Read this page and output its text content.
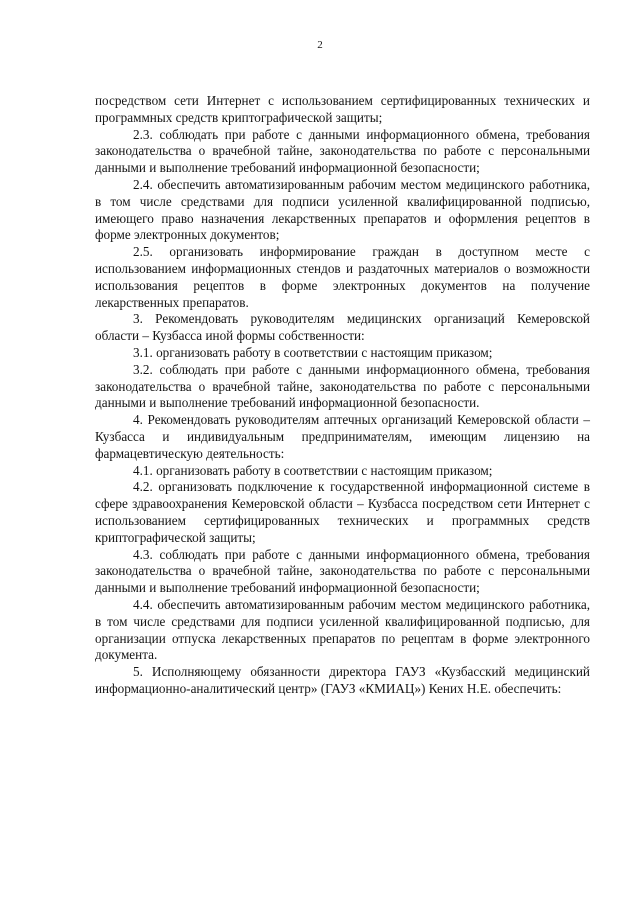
2

посредством сети Интернет с использованием сертифицированных технических и программных средств криптографической защиты;

2.3. соблюдать при работе с данными информационного обмена, требования законодательства о врачебной тайне, законодательства по работе с персональными данными и выполнение требований информационной безопасности;

2.4. обеспечить автоматизированным рабочим местом медицинского работника, в том числе средствами для подписи усиленной квалифицированной подписью, имеющего право назначения лекарственных препаратов и оформления рецептов в форме электронных документов;

2.5. организовать информирование граждан в доступном месте с использованием информационных стендов и раздаточных материалов о возможности использования рецептов в форме электронных документов на получение лекарственных препаратов.

3. Рекомендовать руководителям медицинских организаций Кемеровской области – Кузбасса иной формы собственности:

3.1. организовать работу в соответствии с настоящим приказом;

3.2. соблюдать при работе с данными информационного обмена, требования законодательства о врачебной тайне, законодательства по работе с персональными данными и выполнение требований информационной безопасности.

4. Рекомендовать руководителям аптечных организаций Кемеровской области – Кузбасса и индивидуальным предпринимателям, имеющим лицензию на фармацевтическую деятельность:

4.1. организовать работу в соответствии с настоящим приказом;

4.2. организовать подключение к государственной информационной системе в сфере здравоохранения Кемеровской области – Кузбасса посредством сети Интернет с использованием сертифицированных технических и программных средств криптографической защиты;

4.3. соблюдать при работе с данными информационного обмена, требования законодательства о врачебной тайне, законодательства по работе с персональными данными и выполнение требований информационной безопасности;

4.4. обеспечить автоматизированным рабочим местом медицинского работника, в том числе средствами для подписи усиленной квалифицированной подписью, для организации отпуска лекарственных препаратов по рецептам в форме электронного документа.

5. Исполняющему обязанности директора ГАУЗ «Кузбасский медицинский информационно-аналитический центр» (ГАУЗ «КМИАЦ») Кених Н.Е. обеспечить:
